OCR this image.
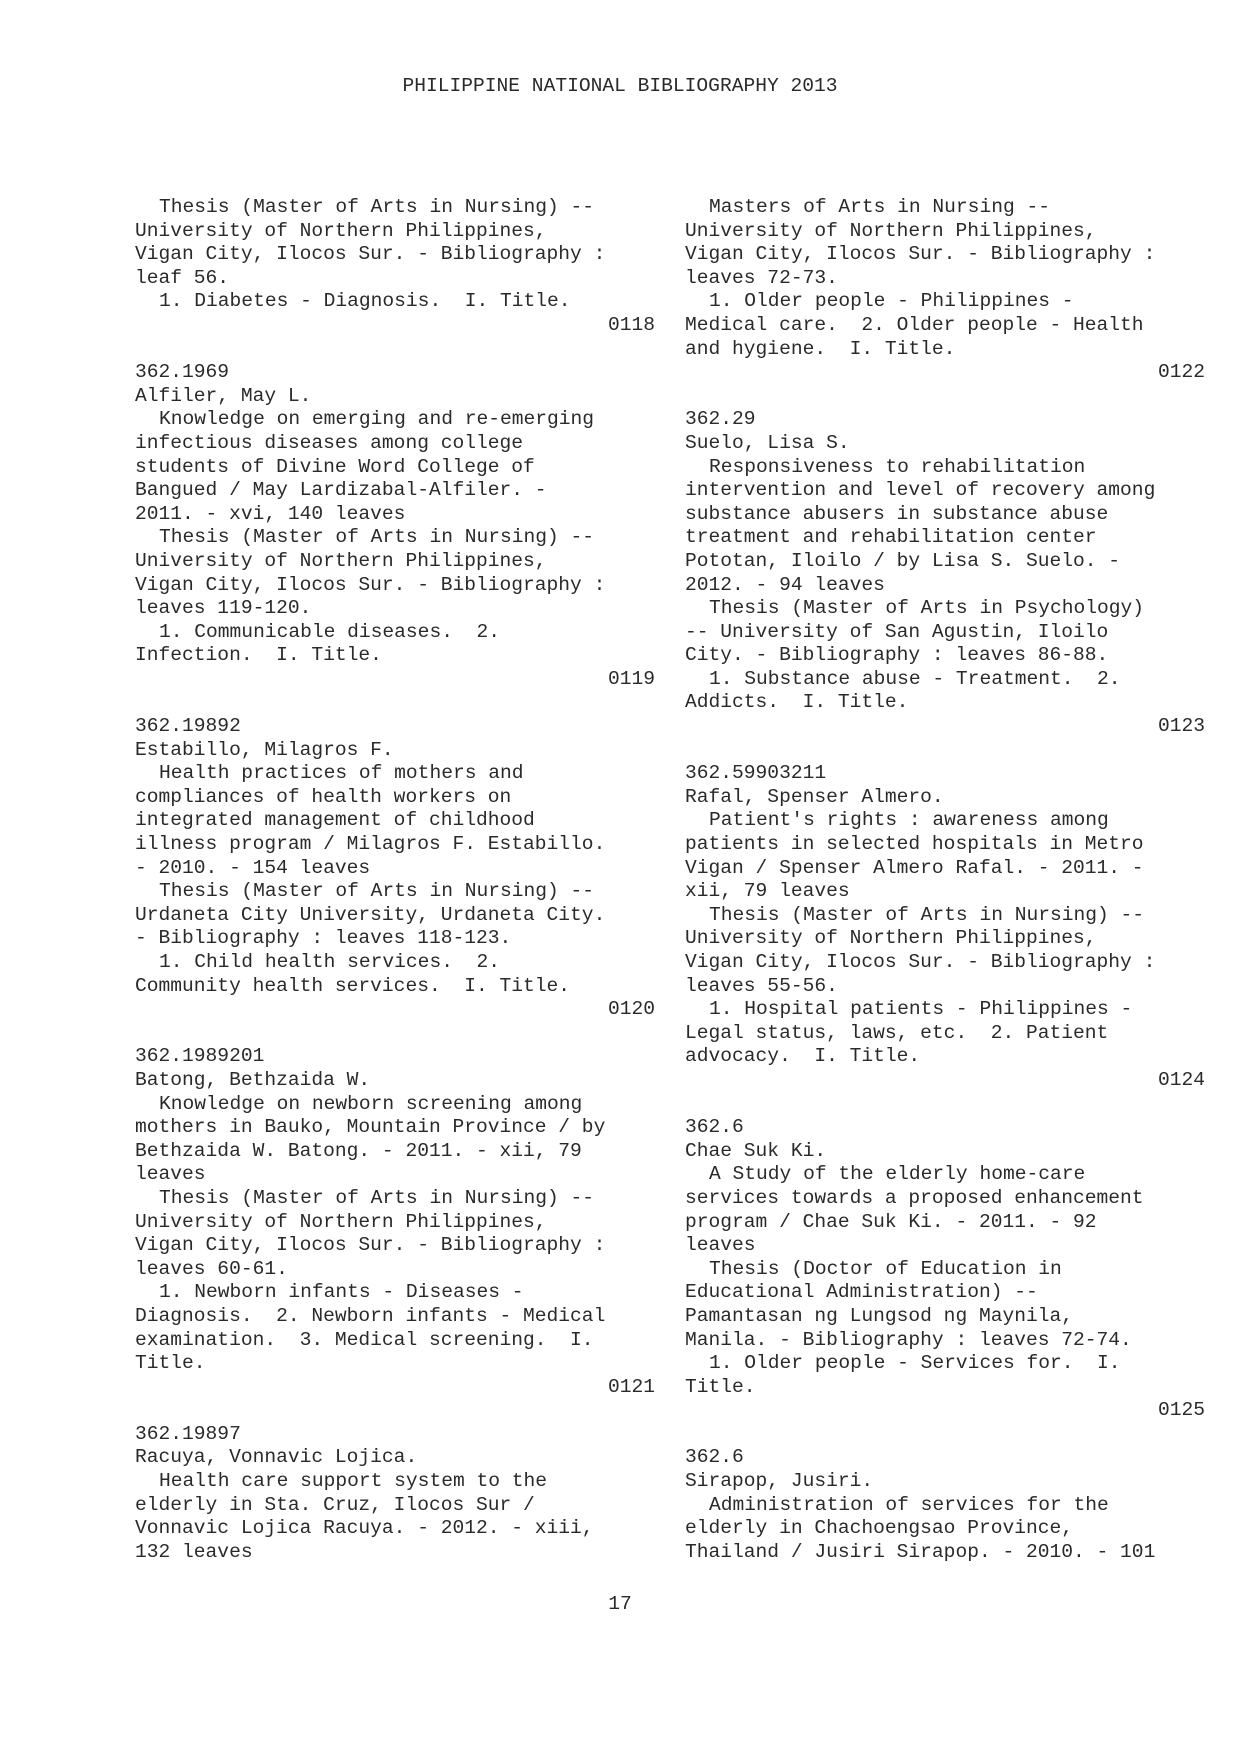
PHILIPPINE NATIONAL BIBLIOGRAPHY 2013
Thesis (Master of Arts in Nursing) --
University of Northern Philippines,
Vigan City, Ilocos Sur. - Bibliography :
leaf 56.
1. Diabetes - Diagnosis.  I. Title.
0118
362.1969
Alfiler, May L.
Knowledge on emerging and re-emerging
infectious diseases among college
students of Divine Word College of
Bangued / May Lardizabal-Alfiler. -
2011. - xvi, 140 leaves
Thesis (Master of Arts in Nursing) --
University of Northern Philippines,
Vigan City, Ilocos Sur. - Bibliography :
leaves 119-120.
1. Communicable diseases.  2.
Infection.  I. Title.
0119
362.19892
Estabillo, Milagros F.
Health practices of mothers and
compliances of health workers on
integrated management of childhood
illness program / Milagros F. Estabillo.
- 2010. - 154 leaves
Thesis (Master of Arts in Nursing) --
Urdaneta City University, Urdaneta City.
- Bibliography : leaves 118-123.
1. Child health services.  2.
Community health services.  I. Title.
0120
362.1989201
Batong, Bethzaida W.
Knowledge on newborn screening among
mothers in Bauko, Mountain Province / by
Bethzaida W. Batong. - 2011. - xii, 79
leaves
Thesis (Master of Arts in Nursing) --
University of Northern Philippines,
Vigan City, Ilocos Sur. - Bibliography :
leaves 60-61.
1. Newborn infants - Diseases -
Diagnosis.  2. Newborn infants - Medical
examination.  3. Medical screening.  I.
Title.
0121
362.19897
Racuya, Vonnavic Lojica.
Health care support system to the
elderly in Sta. Cruz, Ilocos Sur /
Vonnavic Lojica Racuya. - 2012. - xiii,
132 leaves
Masters of Arts in Nursing --
University of Northern Philippines,
Vigan City, Ilocos Sur. - Bibliography :
leaves 72-73.
1. Older people - Philippines -
Medical care.  2. Older people - Health
and hygiene.  I. Title.
0122
362.29
Suelo, Lisa S.
Responsiveness to rehabilitation
intervention and level of recovery among
substance abusers in substance abuse
treatment and rehabilitation center
Pototan, Iloilo / by Lisa S. Suelo. -
2012. - 94 leaves
Thesis (Master of Arts in Psychology)
-- University of San Agustin, Iloilo
City. - Bibliography : leaves 86-88.
1. Substance abuse - Treatment.  2.
Addicts.  I. Title.
0123
362.59903211
Rafal, Spenser Almero.
Patient's rights : awareness among
patients in selected hospitals in Metro
Vigan / Spenser Almero Rafal. - 2011. -
xii, 79 leaves
Thesis (Master of Arts in Nursing) --
University of Northern Philippines,
Vigan City, Ilocos Sur. - Bibliography :
leaves 55-56.
1. Hospital patients - Philippines -
Legal status, laws, etc.  2. Patient
advocacy.  I. Title.
0124
362.6
Chae Suk Ki.
A Study of the elderly home-care
services towards a proposed enhancement
program / Chae Suk Ki. - 2011. - 92
leaves
Thesis (Doctor of Education in
Educational Administration) --
Pamantasan ng Lungsod ng Maynila,
Manila. - Bibliography : leaves 72-74.
1. Older people - Services for.  I.
Title.
0125
362.6
Sirapop, Jusiri.
Administration of services for the
elderly in Chachoengsao Province,
Thailand / Jusiri Sirapop. - 2010. - 101
17
